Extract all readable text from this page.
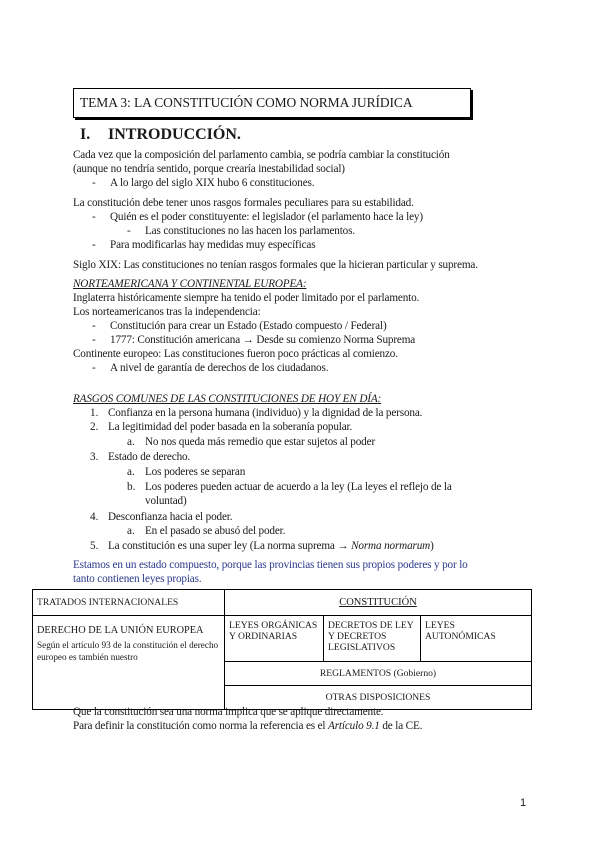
TEMA 3: LA CONSTITUCIÓN COMO NORMA JURÍDICA
I. INTRODUCCIÓN.
Cada vez que la composición del parlamento cambia, se podría cambiar la constitución
(aunque no tendría sentido, porque crearía inestabilidad social)
- A lo largo del siglo XIX hubo 6 constituciones.
La constitución debe tener unos rasgos formales peculiares para su estabilidad.
- Quién es el poder constituyente: el legislador (el parlamento hace la ley)
- Las constituciones no las hacen los parlamentos.
- Para modificarlas hay medidas muy específicas
Siglo XIX: Las constituciones no tenían rasgos formales que la hicieran particular y suprema.
NORTEAMERICANA Y CONTINENTAL EUROPEA:
Inglaterra históricamente siempre ha tenido el poder limitado por el parlamento.
Los norteamericanos tras la independencia:
- Constitución para crear un Estado (Estado compuesto / Federal)
- 1777: Constitución americana → Desde su comienzo Norma Suprema
Continente europeo: Las constituciones fueron poco prácticas al comienzo.
- A nivel de garantía de derechos de los ciudadanos.
RASGOS COMUNES DE LAS CONSTITUCIONES DE HOY EN DÍA:
1. Confianza en la persona humana (individuo) y la dignidad de la persona.
2. La legitimidad del poder basada en la soberanía popular.
a. No nos queda más remedio que estar sujetos al poder
3. Estado de derecho.
a. Los poderes se separan
b. Los poderes pueden actuar de acuerdo a la ley (La leyes el reflejo de la
voluntad)
4. Desconfianza hacia el poder.
a. En el pasado se abusó del poder.
5. La constitución es una super ley (La norma suprema → Norma normarum)
Estamos en un estado compuesto, porque las provincias tienen sus propios poderes y por lo
tanto contienen leyes propias.
TRATADOS INTERNACIONALES	CONSTITUCIÓN		

DERECHO DE LA UNIÓN EUROPEA
Según el artículo 93 de la constitución el derecho europeo es también nuestro	LEYES ORGÁNICAS Y ORDINARIAS	DECRETOS DE LEY Y DECRETOS LEGISLATIVOS	LEYES AUTONÓMICAS
	REGLAMENTOS (Gobierno)		
	OTRAS DISPOSICIONES		
Que la constitución sea una norma implica que se aplique directamente.
Para definir la constitución como norma la referencia es el Artículo 9.1 de la CE.
1
